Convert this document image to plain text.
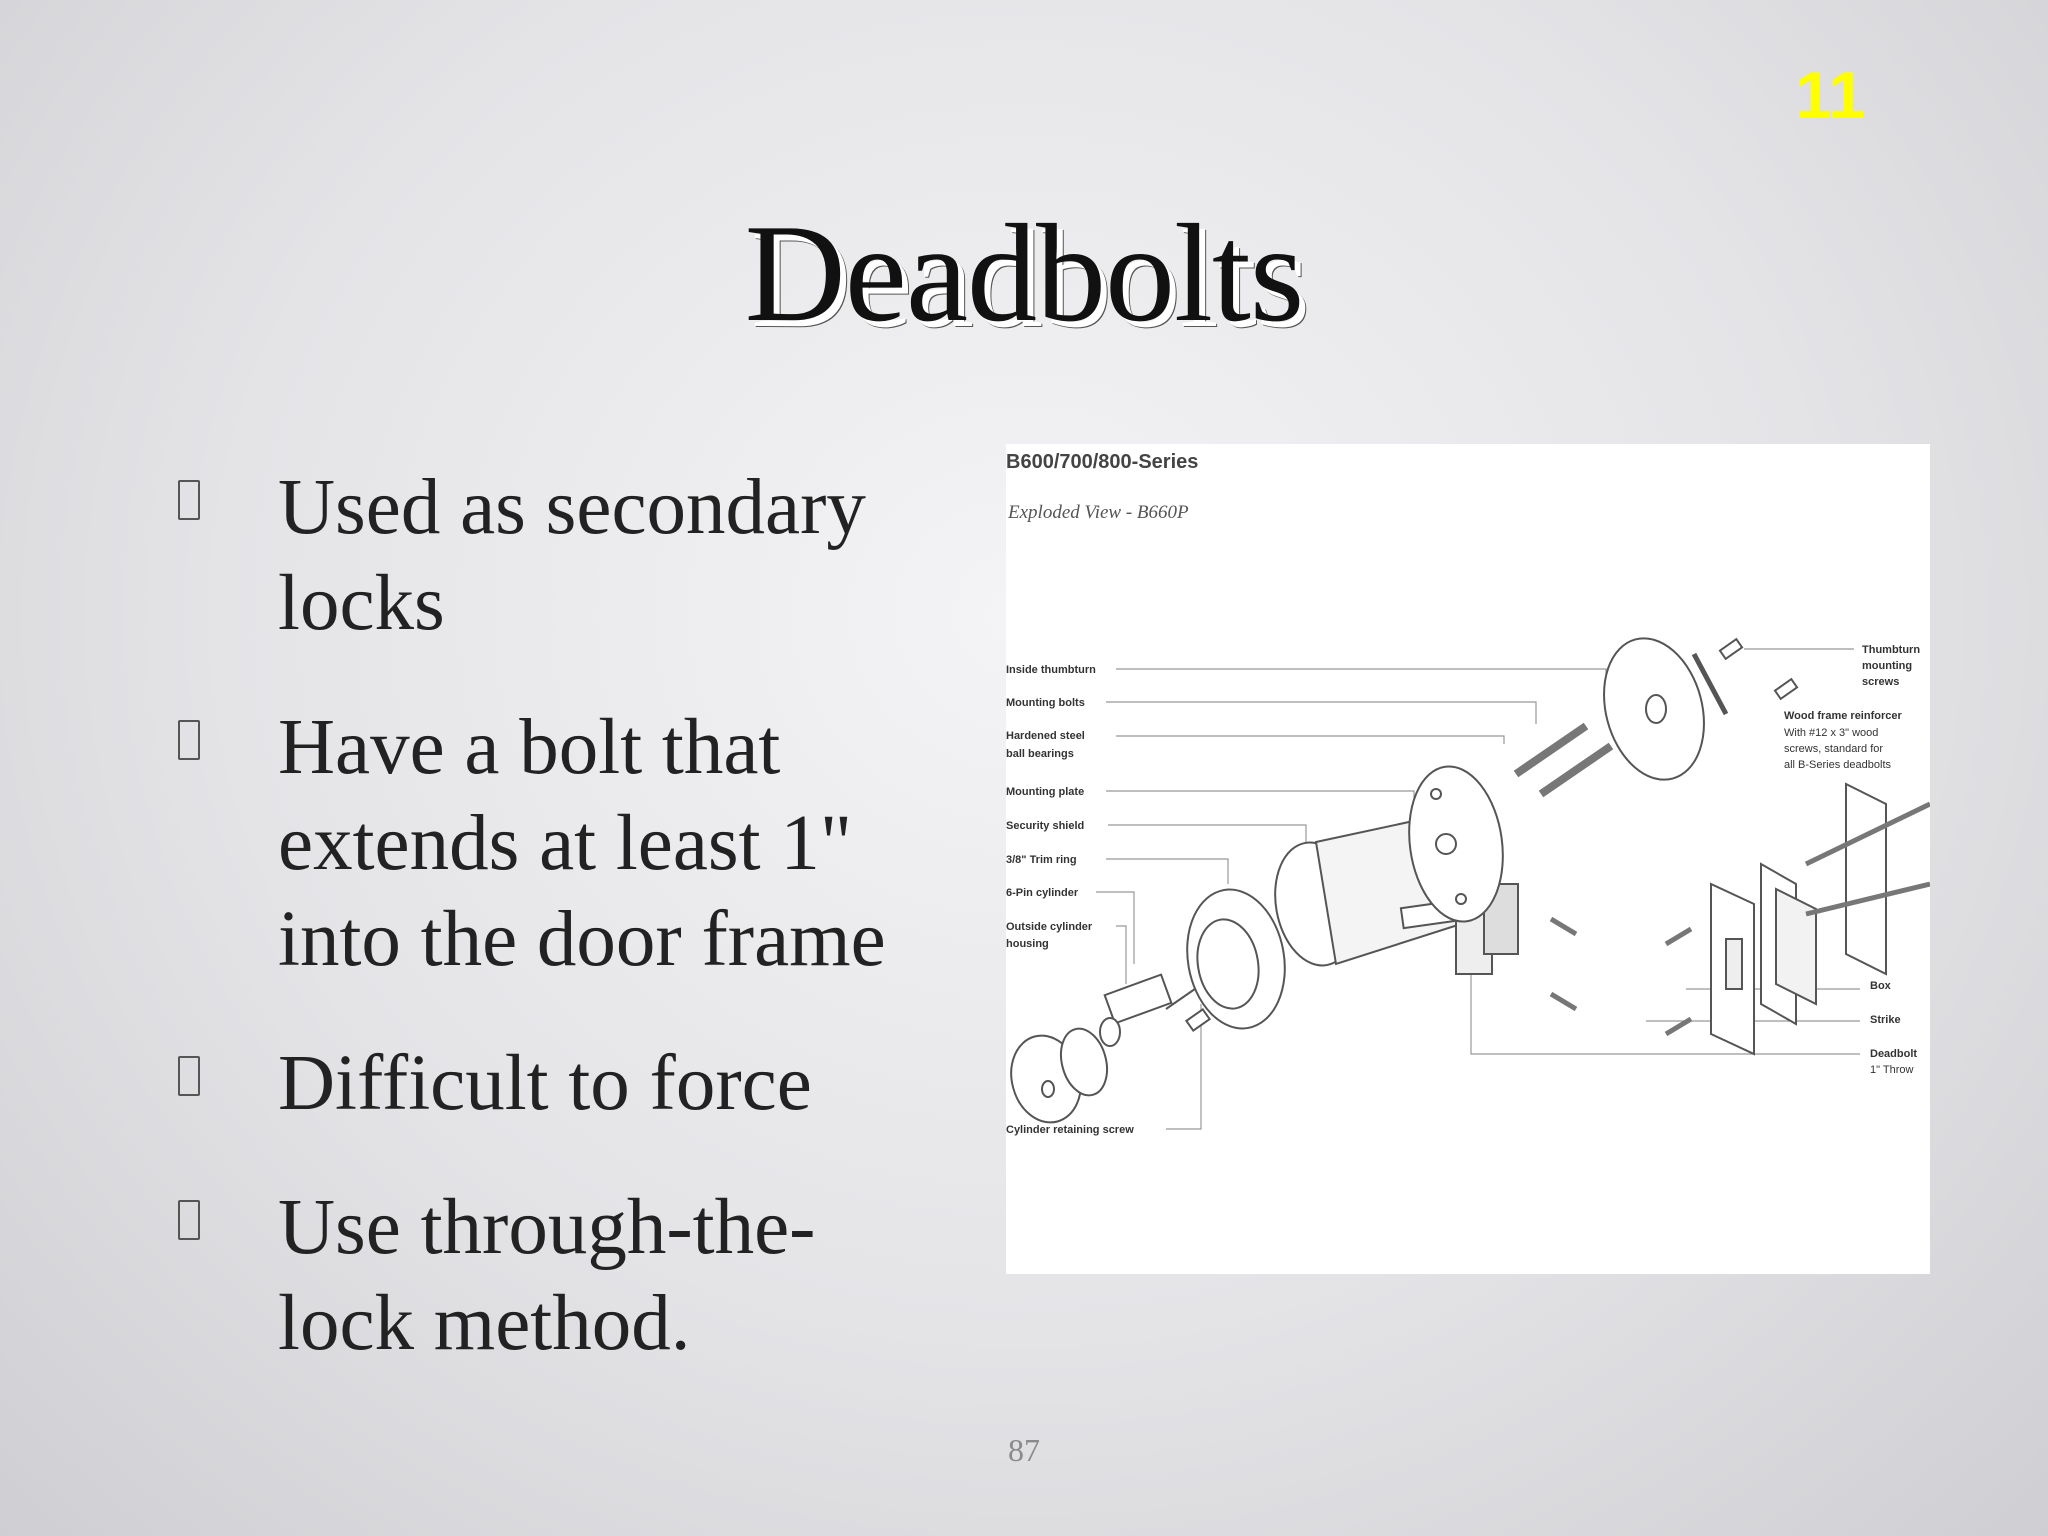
11
Deadbolts
Used as secondary locks
Have a bolt that extends at least 1" into the door frame
Difficult to force
Use through-the-lock method.
B600/700/800-Series
Exploded View - B660P
Inside thumbturn
Mounting bolts
Hardened steel
ball bearings
Mounting plate
Security shield
3/8" Trim ring
6-Pin cylinder
Outside cylinder
housing
Cylinder retaining screw
Thumbturn
mounting
screws
Wood frame reinforcer
With #12 x 3" wood
screws, standard for
all B-Series deadbolts
Box
Strike
Deadbolt
1" Throw
87
